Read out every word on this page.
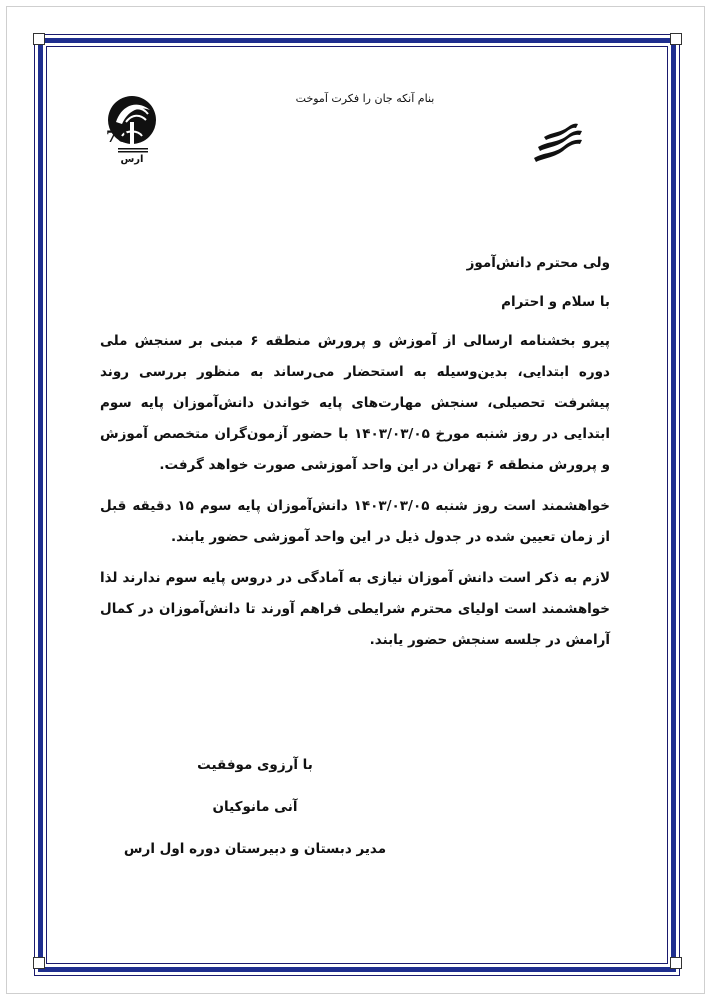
بنام آنکه جان را فکرت آموخت
70
ارس

ولی محترم دانش‌آموز

با سلام و احترام

پیرو بخشنامه ارسالی از آموزش و پرورش منطقه ۶ مبنی بر سنجش ملی دوره ابتدایی، بدین‌وسیله به استحضار می‌رساند به منظور بررسی روند پیشرفت تحصیلی، سنجش مهارت‌های پایه خواندن دانش‌آموزان پایه سوم ابتدایی در روز شنبه مورخ ۱۴۰۳/۰۳/۰۵ با حضور آزمون‌گران متخصص آموزش و پرورش منطقه ۶ تهران در این واحد آموزشی صورت خواهد گرفت.

خواهشمند است روز شنبه ۱۴۰۳/۰۳/۰۵ دانش‌آموزان پایه سوم ۱۵ دقیقه قبل از زمان تعیین شده در جدول ذیل در این واحد آموزشی حضور یابند.

لازم به ذکر است دانش آموزان نیازی به آمادگی در دروس پایه سوم ندارند لذا خواهشمند است اولیای محترم شرایطی فراهم آورند تا دانش‌آموزان در کمال آرامش در جلسه سنجش حضور یابند.

با آرزوی موفقیت
آنی مانوکیان
مدیر دبستان و دبیرستان دوره اول ارس
